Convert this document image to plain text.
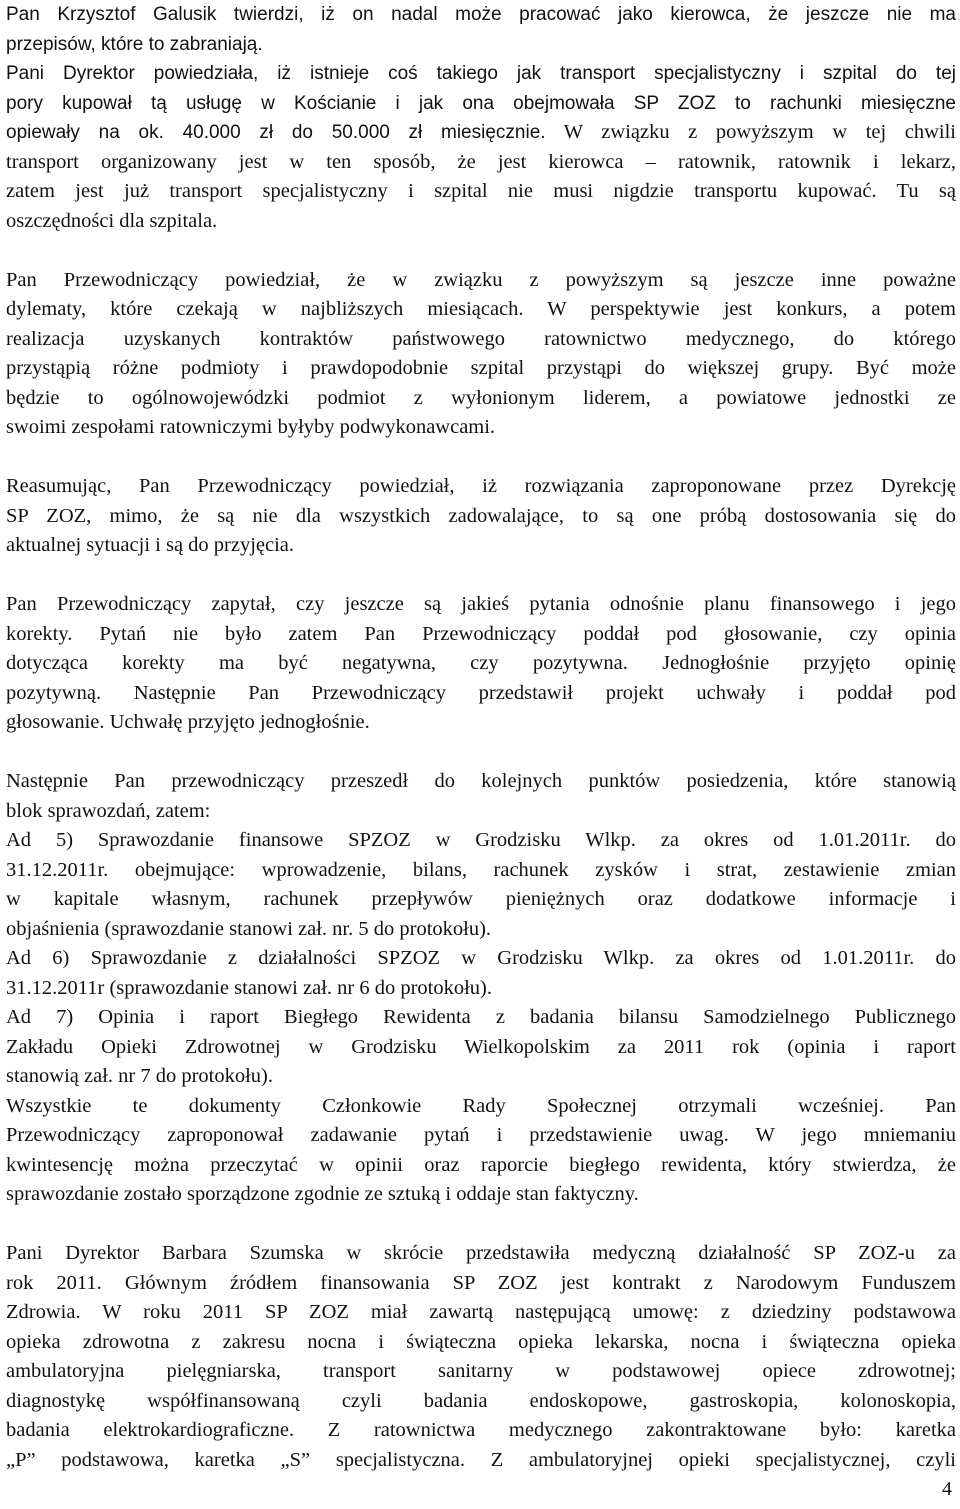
Pan Krzysztof Galusik twierdzi, iż on nadal może pracować jako kierowca, że jeszcze nie ma
przepisów, które to zabraniają.
Pani Dyrektor powiedziała, iż istnieje coś takiego jak transport specjalistyczny i szpital do tej
pory kupował tą usługę w Kościanie i jak ona obejmowała SP ZOZ to rachunki miesięczne
opiewały na ok. 40.000 zł do 50.000 zł miesięcznie. W związku z powyższym w tej chwili
transport organizowany jest w ten sposób, że jest kierowca – ratownik, ratownik i lekarz,
zatem jest już transport specjalistyczny i szpital nie musi nigdzie transportu kupować. Tu są
oszczędności dla szpitala.
Pan Przewodniczący powiedział, że w związku z powyższym są jeszcze inne poważne
dylematy, które czekają w najbliższych miesiącach. W perspektywie jest konkurs, a potem
realizacja uzyskanych kontraktów państwowego ratownictwo medycznego, do którego
przystąpią różne podmioty i prawdopodobnie szpital przystąpi do większej grupy. Być może
będzie to ogólnowojewódzki podmiot z wyłonionym liderem, a powiatowe jednostki ze
swoimi zespołami ratowniczymi byłyby podwykonawcami.
Reasumując, Pan Przewodniczący powiedział, iż rozwiązania zaproponowane przez Dyrekcję
SP ZOZ, mimo, że są nie dla wszystkich zadowalające, to są one próbą dostosowania się do
aktualnej sytuacji i są do przyjęcia.
Pan Przewodniczący zapytał, czy jeszcze są jakieś pytania odnośnie planu finansowego i jego
korekty. Pytań nie było zatem Pan Przewodniczący poddał pod głosowanie, czy opinia
dotycząca korekty ma być negatywna, czy pozytywna. Jednogłośnie przyjęto opinię
pozytywną. Następnie Pan Przewodniczący przedstawił projekt uchwały i poddał pod
głosowanie. Uchwałę przyjęto jednogłośnie.
Następnie Pan przewodniczący przeszedł do kolejnych punktów posiedzenia, które stanowią
blok sprawozdań, zatem:
Ad 5) Sprawozdanie finansowe SPZOZ w Grodzisku Wlkp. za okres od 1.01.2011r. do
31.12.2011r. obejmujące: wprowadzenie, bilans, rachunek zysków i strat, zestawienie zmian
w kapitale własnym, rachunek przepływów pieniężnych oraz dodatkowe informacje i
objaśnienia (sprawozdanie stanowi zał. nr. 5 do protokołu).
Ad 6) Sprawozdanie z działalności SPZOZ w Grodzisku Wlkp. za okres od 1.01.2011r. do
31.12.2011r (sprawozdanie stanowi zał. nr 6 do protokołu).
Ad 7) Opinia i raport Biegłego Rewidenta z badania bilansu Samodzielnego Publicznego
Zakładu Opieki Zdrowotnej w Grodzisku Wielkopolskim za 2011 rok (opinia i raport
stanowią zał. nr 7 do protokołu).
Wszystkie te dokumenty Członkowie Rady Społecznej otrzymali wcześniej. Pan
Przewodniczący zaproponował zadawanie pytań i przedstawienie uwag. W jego mniemaniu
kwintesencję można przeczytać w opinii oraz raporcie biegłego rewidenta, który stwierdza, że
sprawozdanie zostało sporządzone zgodnie ze sztuką i oddaje stan faktyczny.
Pani Dyrektor Barbara Szumska w skrócie przedstawiła medyczną działalność SP ZOZ-u za
rok 2011. Głównym źródłem finansowania SP ZOZ jest kontrakt z Narodowym Funduszem
Zdrowia. W roku 2011 SP ZOZ miał zawartą następującą umowę: z dziedziny podstawowa
opieka zdrowotna z zakresu nocna i świąteczna opieka lekarska, nocna i świąteczna opieka
ambulatoryjna pielęgniarska, transport sanitarny w podstawowej opiece zdrowotnej;
diagnostykę współfinansowaną czyli badania endoskopowe, gastroskopia, kolonoskopia,
badania elektrokardiograficzne. Z ratownictwa medycznego zakontraktowane było: karetka
„P” podstawowa, karetka „S” specjalistyczna. Z ambulatoryjnej opieki specjalistycznej, czyli
4
